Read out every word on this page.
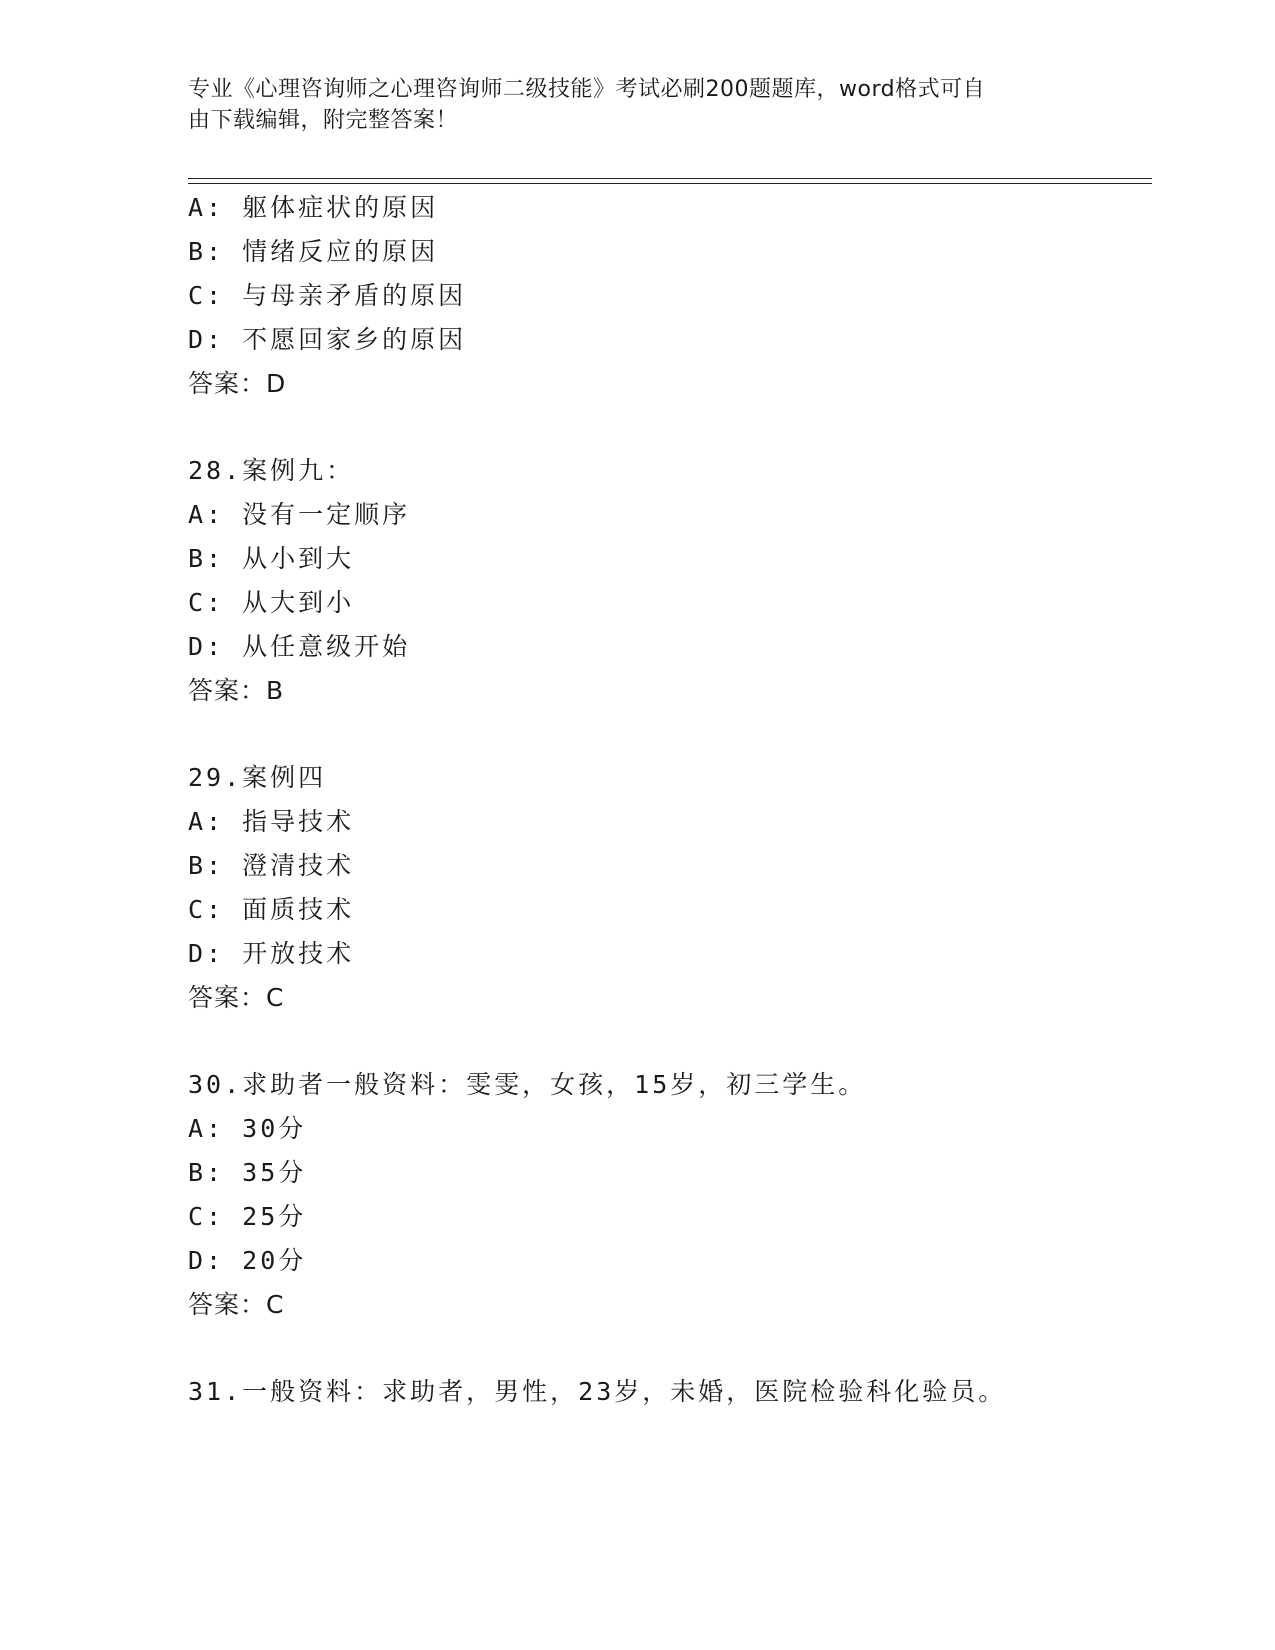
专业《心理咨询师之心理咨询师二级技能》考试必刷200题题库，word格式可自
由下载编辑，附完整答案！
A: 躯体症状的原因
B: 情绪反应的原因
C: 与母亲矛盾的原因
D: 不愿回家乡的原因
答案：D
28.案例九：
A: 没有一定顺序
B: 从小到大
C: 从大到小
D: 从任意级开始
答案：B
29.案例四
A: 指导技术
B: 澄清技术
C: 面质技术
D: 开放技术
答案：C
30.求助者一般资料：雯雯，女孩，15岁，初三学生。
A: 30分
B: 35分
C: 25分
D: 20分
答案：C
31.一般资料：求助者，男性，23岁，未婚，医院检验科化验员。
